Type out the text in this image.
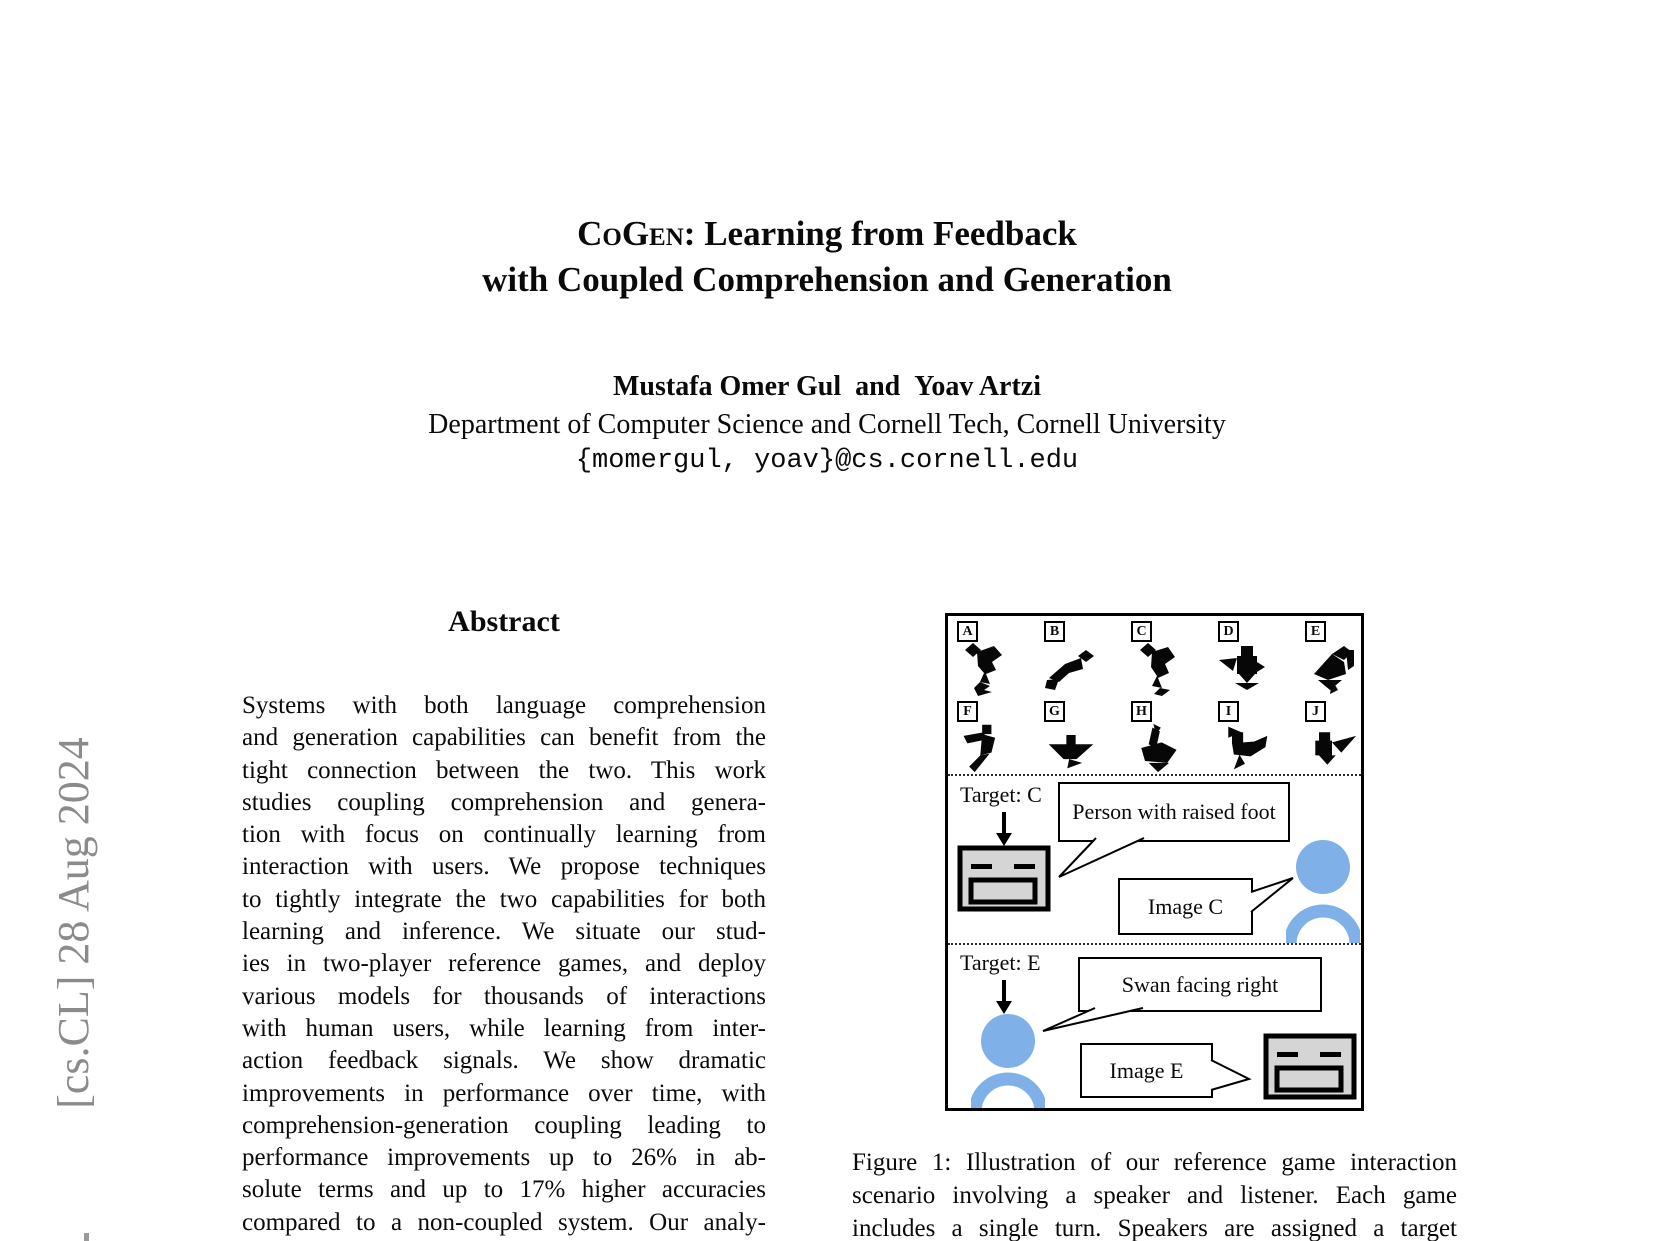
[cs.CL] 28 Aug 2024
CoGen: Learning from Feedback
with Coupled Comprehension and Generation
Mustafa Omer Gul and Yoav Artzi
Department of Computer Science and Cornell Tech, Cornell University
{momergul, yoav}@cs.cornell.edu
Abstract
Systems with both language comprehension
and generation capabilities can benefit from the
tight connection between the two. This work
studies coupling comprehension and genera-
tion with focus on continually learning from
interaction with users. We propose techniques
to tightly integrate the two capabilities for both
learning and inference. We situate our stud-
ies in two-player reference games, and deploy
various models for thousands of interactions
with human users, while learning from inter-
action feedback signals. We show dramatic
improvements in performance over time, with
comprehension-generation coupling leading to
performance improvements up to 26% in ab-
solute terms and up to 17% higher accuracies
compared to a non-coupled system. Our analy-
A	B	C	D	E
F	G	H	I	J
Target: C
Person with raised foot
Image C
Target: E
Swan facing right
Image E
Figure 1: Illustration of our reference game interaction
scenario involving a speaker and listener. Each game
includes a single turn. Speakers are assigned a target
